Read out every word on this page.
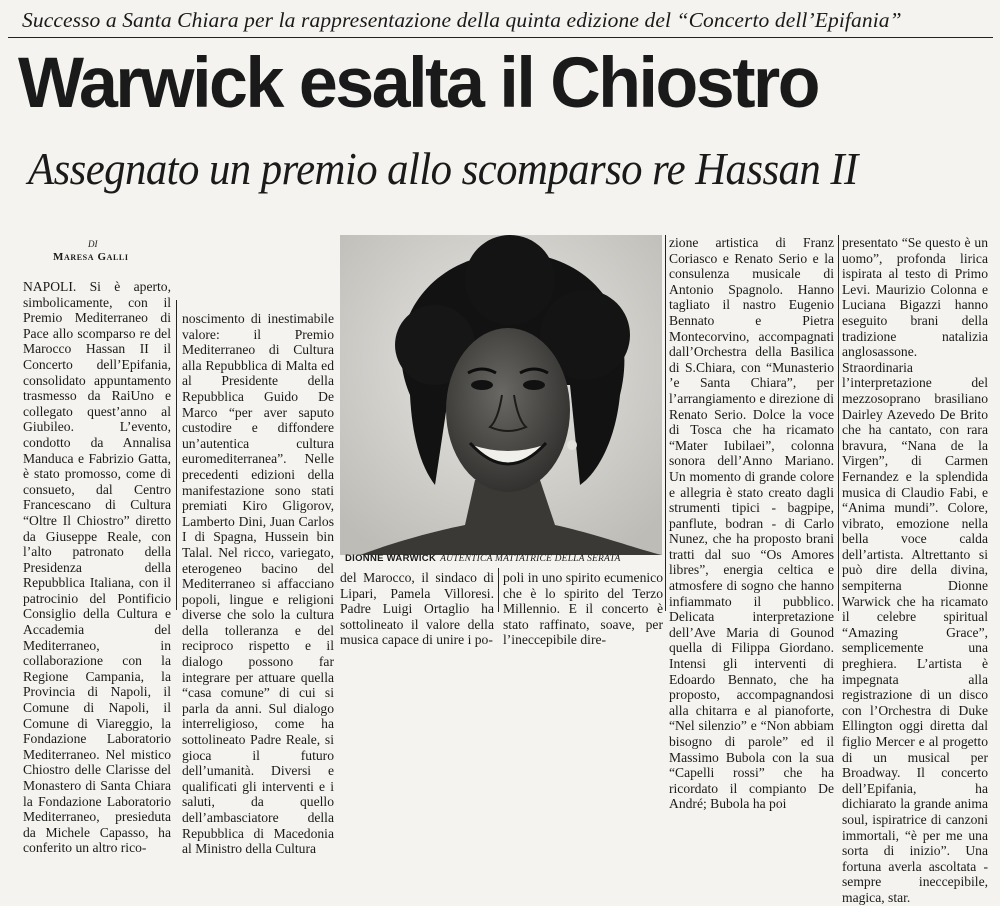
Successo a Santa Chiara per la rappresentazione della quinta edizione del “Concerto dell’Epifania”
Warwick esalta il Chiostro
Assegnato un premio allo scomparso re Hassan II
DI
Maresa Galli

NAPOLI. Si è aperto, simbolicamente, con il Premio Mediterraneo di Pace allo scomparso re del Marocco Hassan II il Concerto dell’Epifania, consolidato appuntamento trasmesso da RaiUno e collegato quest’anno al Giubileo. L’evento, condotto da Annalisa Manduca e Fabrizio Gatta, è stato promosso, come di consueto, dal Centro Francescano di Cultura “Oltre Il Chiostro” diretto da Giuseppe Reale, con l’alto patronato della Presidenza della Repubblica Italiana, con il patrocinio del Pontificio Consiglio della Cultura e Accademia del Mediterraneo, in collaborazione con la Regione Campania, la Provincia di Napoli, il Comune di Napoli, il Comune di Viareggio, la Fondazione Laboratorio Mediterraneo. Nel mistico Chiostro delle Clarisse del Monastero di Santa Chiara la Fondazione Laboratorio Mediterraneo, presieduta da Michele Capasso, ha conferito un altro rico-

noscimento di inestimabile valore: il Premio Mediterraneo di Cultura alla Repubblica di Malta ed al Presidente della Repubblica Guido De Marco “per aver saputo custodire e diffondere un’autentica cultura euromediterranea”. Nelle precedenti edizioni della manifestazione sono stati premiati Kiro Gligorov, Lamberto Dini, Juan Carlos I di Spagna, Hussein bin Talal. Nel ricco, variegato, eterogeneo bacino del Mediterraneo si affacciano popoli, lingue e religioni diverse che solo la cultura della tolleranza e del reciproco rispetto e il dialogo possono far integrare per attuare quella “casa comune” di cui si parla da anni. Sul dialogo interreligioso, come ha sottolineato Padre Reale, si gioca il futuro dell’umanità. Diversi e qualificati gli interventi e i saluti, da quello dell’ambasciatore della Repubblica di Macedonia al Ministro della Cultura

DIONNE WARWICK AUTENTICA MATTATRICE DELLA SERATA

del Marocco, il sindaco di Lipari, Pamela Villoresi. Padre Luigi Ortaglio ha sottolineato il valore della musica capace di unire i po-

poli in uno spirito ecumenico che è lo spirito del Terzo Millennio. E il concerto è stato raffinato, soave, per l’ineccepibile dire-

zione artistica di Franz Coriasco e Renato Serio e la consulenza musicale di Antonio Spagnolo. Hanno tagliato il nastro Eugenio Bennato e Pietra Montecorvino, accompagnati dall’Orchestra della Basilica di S.Chiara, con “Munasterio ’e Santa Chiara”, per l’arrangiamento e direzione di Renato Serio. Dolce la voce di Tosca che ha ricamato “Mater Iubilaei”, colonna sonora dell’Anno Mariano. Un momento di grande colore e allegria è stato creato dagli strumenti tipici - bagpipe, panflute, bodran - di Carlo Nunez, che ha proposto brani tratti dal suo “Os Amores libres”, energia celtica e atmosfere di sogno che hanno infiammato il pubblico. Delicata interpretazione dell’Ave Maria di Gounod quella di Filippa Giordano. Intensi gli interventi di Edoardo Bennato, che ha proposto, accompagnandosi alla chitarra e al pianoforte, “Nel silenzio” e “Non abbiam bisogno di parole” ed il Massimo Bubola con la sua “Capelli rossi” che ha ricordato il compianto De André; Bubola ha poi

presentato “Se questo è un uomo”, profonda lirica ispirata al testo di Primo Levi. Maurizio Colonna e Luciana Bigazzi hanno eseguito brani della tradizione natalizia anglosassone. Straordinaria l’interpretazione del mezzosoprano brasiliano Dairley Azevedo De Brito che ha cantato, con rara bravura, “Nana de la Virgen”, di Carmen Fernandez e la splendida musica di Claudio Fabi, e “Anima mundi”. Colore, vibrato, emozione nella bella voce calda dell’artista. Altrettanto si può dire della divina, sempiterna Dionne Warwick che ha ricamato il celebre spiritual “Amazing Grace”, semplicemente una preghiera. L’artista è impegnata alla registrazione di un disco con l’Orchestra di Duke Ellington oggi diretta dal figlio Mercer e al progetto di un musical per Broadway. Il concerto dell’Epifania, ha dichiarato la grande anima soul, ispiratrice di canzoni immortali, “è per me una sorta di inizio”. Una fortuna averla ascoltata - sempre ineccepibile, magica, star.
